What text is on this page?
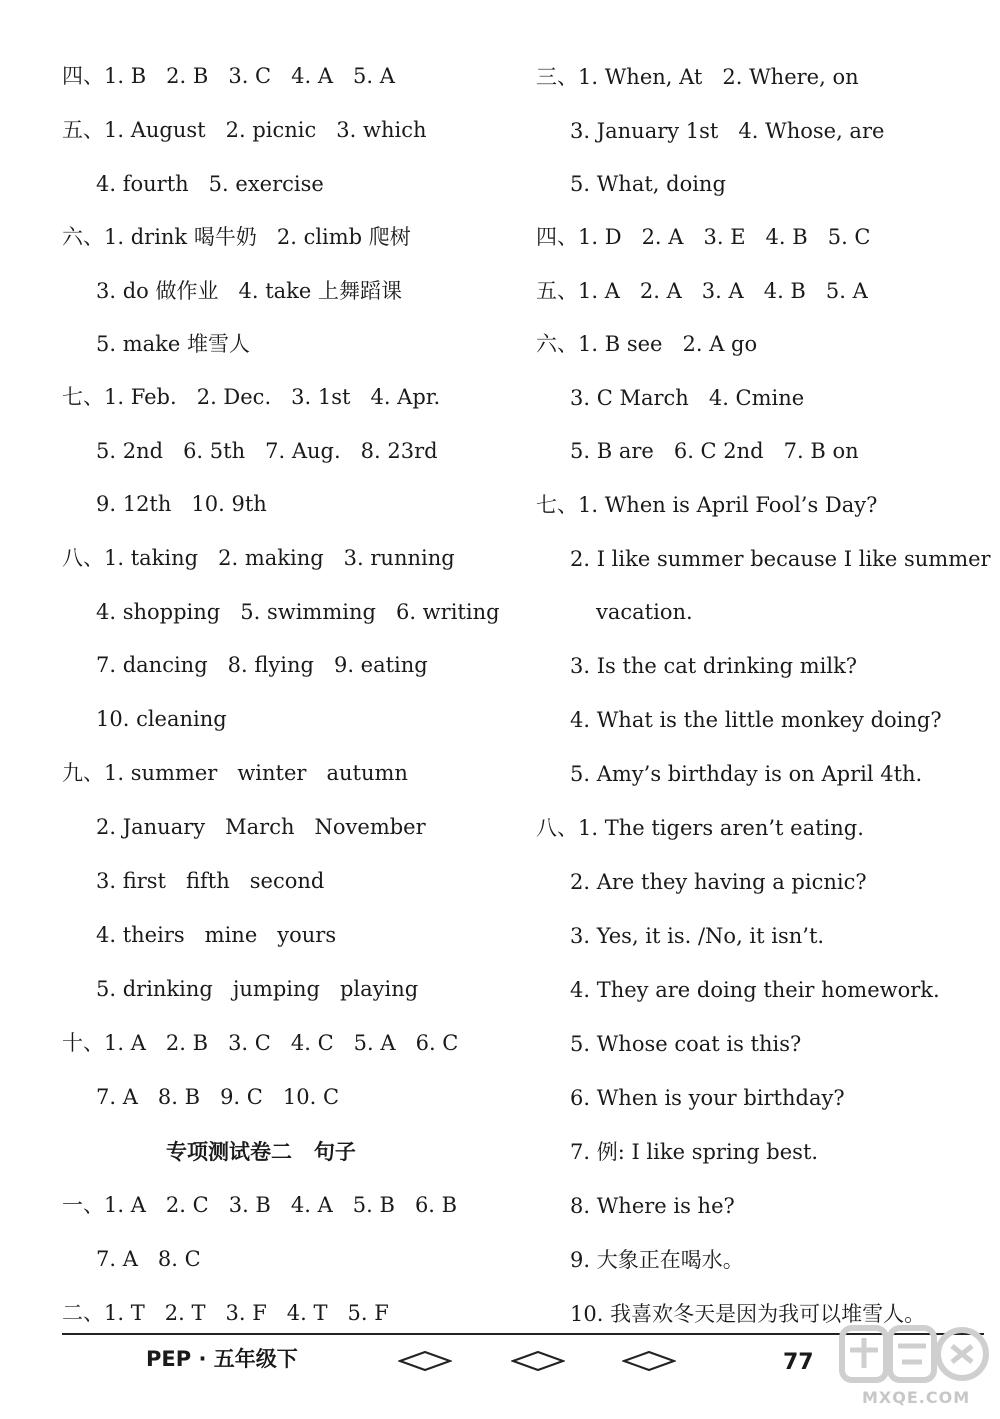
四、1. B   2. B   3. C   4. A   5. A
五、1. August   2. picnic   3. which
4. fourth   5. exercise
六、1. drink 喝牛奶   2. climb 爬树
3. do 做作业   4. take 上舞蹈课
5. make 堆雪人
七、1. Feb.   2. Dec.   3. 1st   4. Apr.
5. 2nd   6. 5th   7. Aug.   8. 23rd
9. 12th   10. 9th
八、1. taking   2. making   3. running
4. shopping   5. swimming   6. writing
7. dancing   8. flying   9. eating
10. cleaning
九、1. summer   winter   autumn
2. January   March   November
3. first   fifth   second
4. theirs   mine   yours
5. drinking   jumping   playing
十、1. A   2. B   3. C   4. C   5. A   6. C
7. A   8. B   9. C   10. C
专项测试卷二   句子
一、1. A   2. C   3. B   4. A   5. B   6. B
7. A   8. C
二、1. T   2. T   3. F   4. T   5. F
三、1. When, At   2. Where, on
3. January 1st   4. Whose, are
5. What, doing
四、1. D   2. A   3. E   4. B   5. C
五、1. A   2. A   3. A   4. B   5. A
六、1. B see   2. A go
3. C March   4. Cmine
5. B are   6. C 2nd   7. B on
七、1. When is April Fool’s Day?
2. I like summer because I like summer
vacation.
3. Is the cat drinking milk?
4. What is the little monkey doing?
5. Amy’s birthday is on April 4th.
八、1. The tigers aren’t eating.
2. Are they having a picnic?
3. Yes, it is. /No, it isn’t.
4. They are doing their homework.
5. Whose coat is this?
6. When is your birthday?
7. 例: I like spring best.
8. Where is he?
9. 大象正在喝水。
10. 我喜欢冬天是因为我可以堆雪人。
PEP · 五年级下	77
MXQE.COM
